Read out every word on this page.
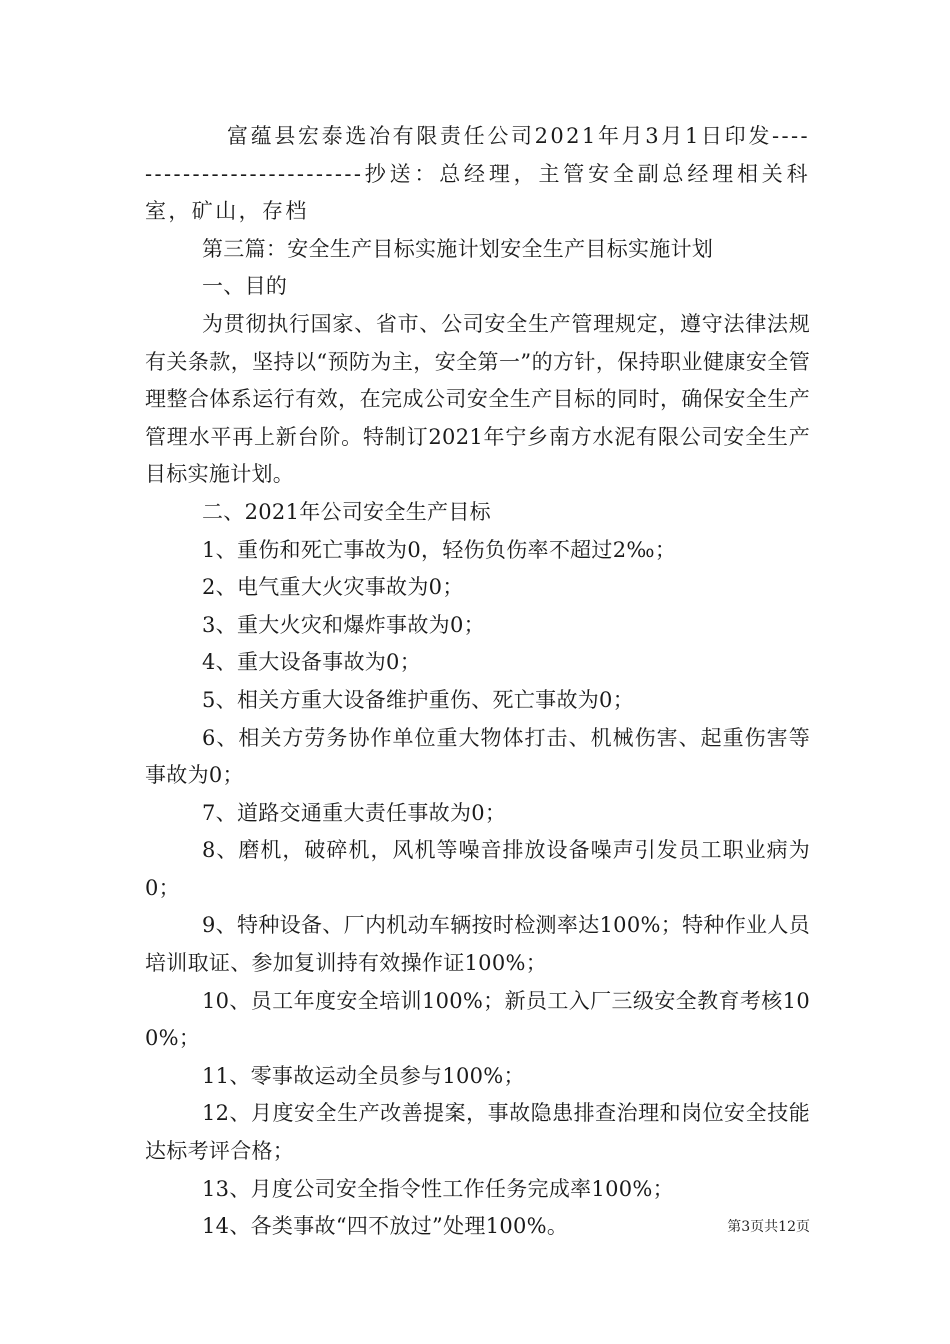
富蕴县宏泰选冶有限责任公司2021年月3月1日印发---------------------------抄送：总经理，主管安全副总经理相关科室，矿山，存档

第三篇：安全生产目标实施计划安全生产目标实施计划

一、目的

为贯彻执行国家、省市、公司安全生产管理规定，遵守法律法规有关条款，坚持以“预防为主，安全第一”的方针，保持职业健康安全管理整合体系运行有效，在完成公司安全生产目标的同时，确保安全生产管理水平再上新台阶。特制订2021年宁乡南方水泥有限公司安全生产目标实施计划。

二、2021年公司安全生产目标

1、重伤和死亡事故为0，轻伤负伤率不超过2‰；

2、电气重大火灾事故为0；

3、重大火灾和爆炸事故为0；

4、重大设备事故为0；

5、相关方重大设备维护重伤、死亡事故为0；

6、相关方劳务协作单位重大物体打击、机械伤害、起重伤害等事故为0；

7、道路交通重大责任事故为0；

8、磨机，破碎机，风机等噪音排放设备噪声引发员工职业病为0；

9、特种设备、厂内机动车辆按时检测率达100%；特种作业人员培训取证、参加复训持有效操作证100%；

10、员工年度安全培训100%；新员工入厂三级安全教育考核100%；

11、零事故运动全员参与100%；

12、月度安全生产改善提案，事故隐患排查治理和岗位安全技能达标考评合格；

13、月度公司安全指令性工作任务完成率100%；

14、各类事故“四不放过”处理100%。	第3页共12页
